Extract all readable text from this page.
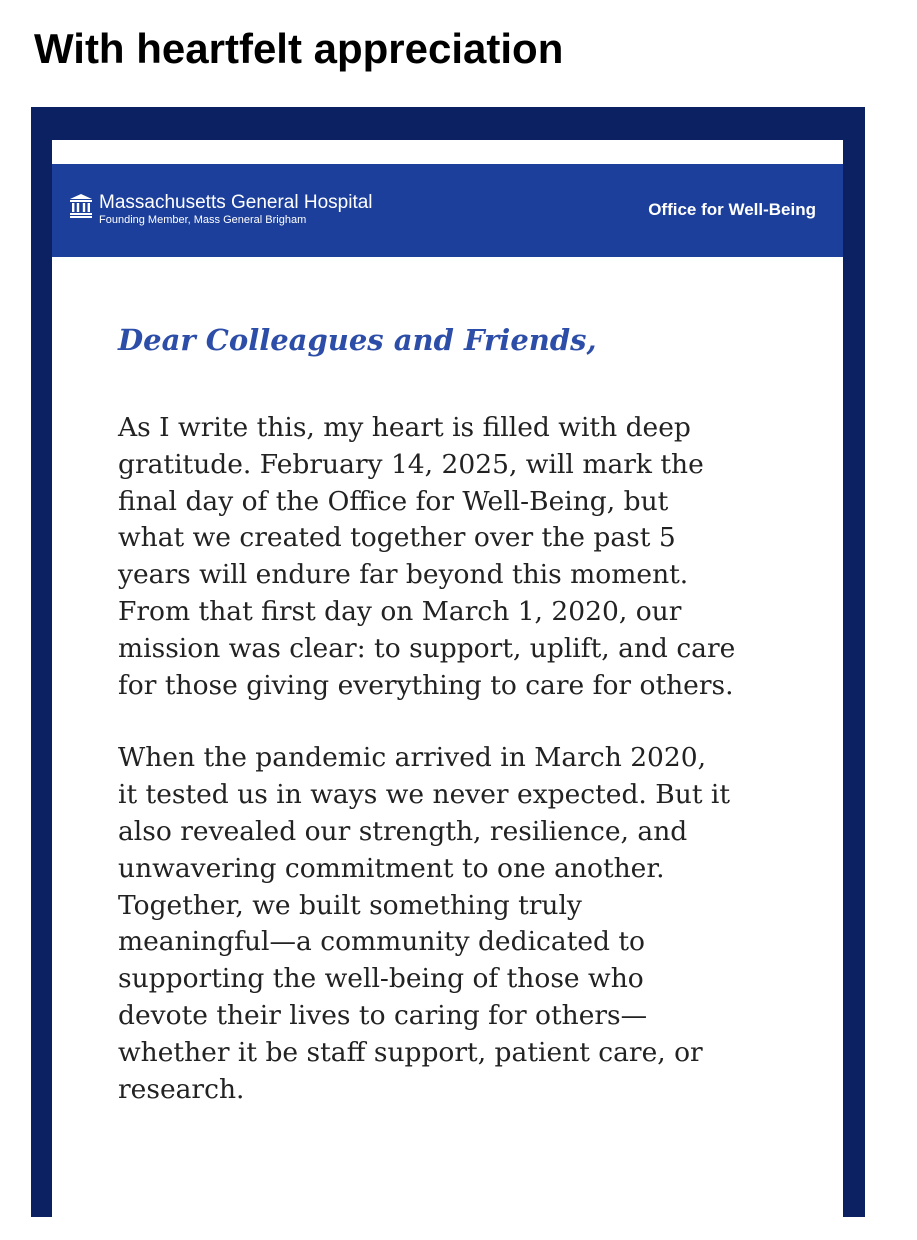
With heartfelt appreciation
Massachusetts General Hospital
Founding Member, Mass General Brigham
Office for Well-Being
Dear Colleagues and Friends,

As I write this, my heart is filled with deep
gratitude. February 14, 2025, will mark the
final day of the Office for Well-Being, but
what we created together over the past 5
years will endure far beyond this moment.
From that first day on March 1, 2020, our
mission was clear: to support, uplift, and care
for those giving everything to care for others.

When the pandemic arrived in March 2020,
it tested us in ways we never expected. But it
also revealed our strength, resilience, and
unwavering commitment to one another.
Together, we built something truly
meaningful—a community dedicated to
supporting the well-being of those who
devote their lives to caring for others—
whether it be staff support, patient care, or
research.
